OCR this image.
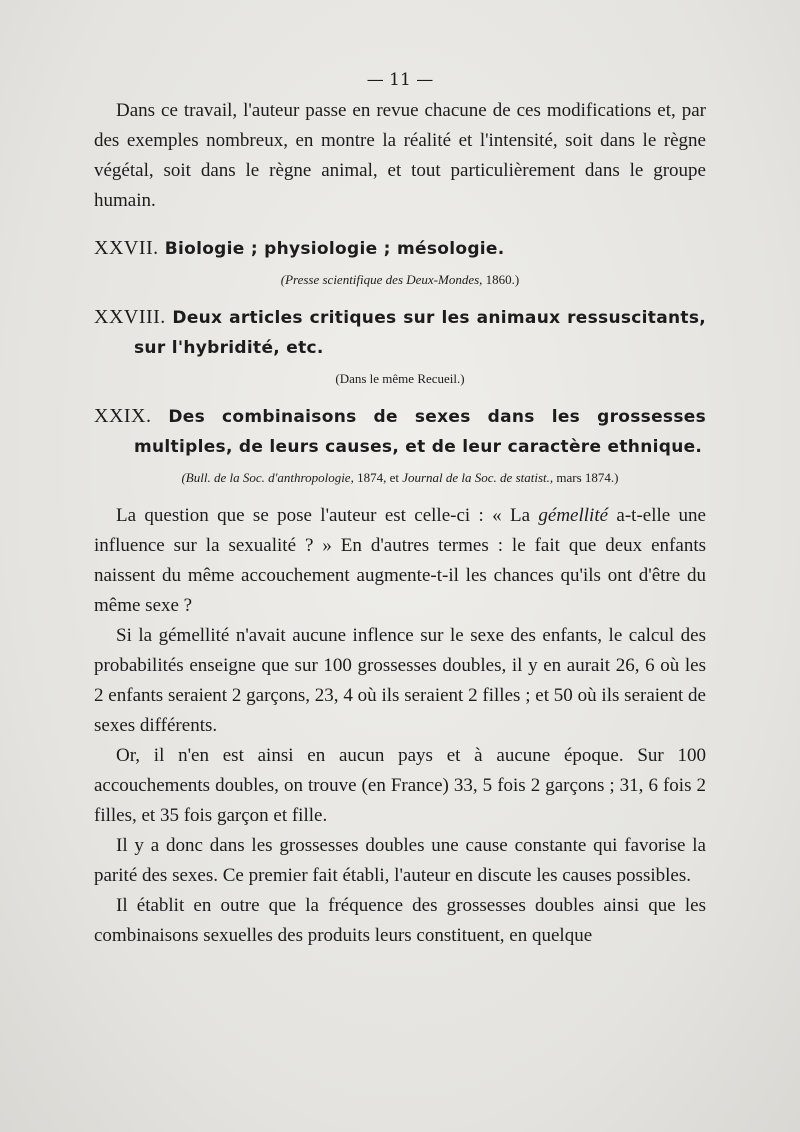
— 11 —

Dans ce travail, l'auteur passe en revue chacune de ces modifications et, par des exemples nombreux, en montre la réalité et l'intensité, soit dans le règne végétal, soit dans le règne animal, et tout particulièrement dans le groupe humain.

XXVII. Biologie ; physiologie ; mésologie.
(Presse scientifique des Deux-Mondes, 1860.)
XXVIII. Deux articles critiques sur les animaux ressuscitants, sur l'hybridité, etc.
(Dans le même Recueil.)
XXIX. Des combinaisons de sexes dans les grossesses multiples, de leurs causes, et de leur caractère ethnique.
(Bull. de la Soc. d'anthropologie, 1874, et Journal de la Soc. de statist., mars 1874.)

La question que se pose l'auteur est celle-ci : « La gémellité a-t-elle une influence sur la sexualité ? » En d'autres termes : le fait que deux enfants naissent du même accouchement augmente-t-il les chances qu'ils ont d'être du même sexe ?

Si la gémellité n'avait aucune inflence sur le sexe des enfants, le calcul des probabilités enseigne que sur 100 grossesses doubles, il y en aurait 26, 6 où les 2 enfants seraient 2 garçons, 23, 4 où ils seraient 2 filles ; et 50 où ils seraient de sexes différents.

Or, il n'en est ainsi en aucun pays et à aucune époque. Sur 100 accouchements doubles, on trouve (en France) 33, 5 fois 2 garçons ; 31, 6 fois 2 filles, et 35 fois garçon et fille.

Il y a donc dans les grossesses doubles une cause constante qui favorise la parité des sexes. Ce premier fait établi, l'auteur en discute les causes possibles.

Il établit en outre que la fréquence des grossesses doubles ainsi que les combinaisons sexuelles des produits leurs constituent, en quelque
